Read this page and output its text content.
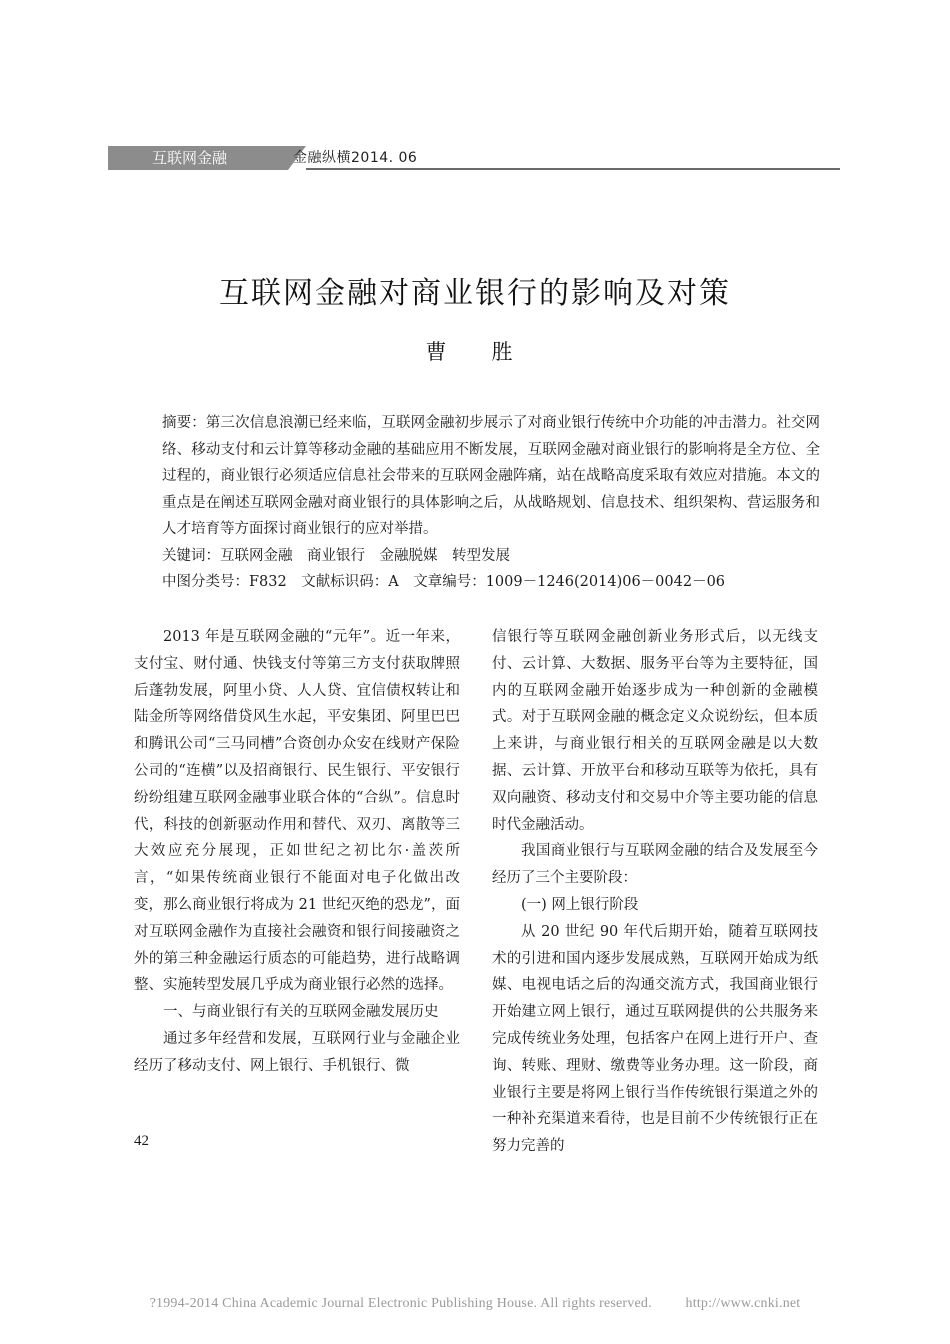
互联网金融	金融纵横2014. 06
互联网金融对商业银行的影响及对策
曹　胜

摘要：第三次信息浪潮已经来临，互联网金融初步展示了对商业银行传统中介功能的冲击潜力。社交网络、移动支付和云计算等移动金融的基础应用不断发展，互联网金融对商业银行的影响将是全方位、全过程的，商业银行必须适应信息社会带来的互联网金融阵痛，站在战略高度采取有效应对措施。本文的重点是在阐述互联网金融对商业银行的具体影响之后，从战略规划、信息技术、组织架构、营运服务和人才培育等方面探讨商业银行的应对举措。

关键词：互联网金融　商业银行　金融脱媒　转型发展

中图分类号：F832　文献标识码：A　文章编号：1009－1246(2014)06－0042－06

2013 年是互联网金融的“元年”。近一年来，支付宝、财付通、快钱支付等第三方支付获取牌照后蓬勃发展，阿里小贷、人人贷、宜信债权转让和陆金所等网络借贷风生水起，平安集团、阿里巴巴和腾讯公司“三马同槽”合资创办众安在线财产保险公司的“连横”以及招商银行、民生银行、平安银行纷纷组建互联网金融事业联合体的“合纵”。信息时代，科技的创新驱动作用和替代、双刃、离散等三大效应充分展现，正如世纪之初比尔·盖茨所言，“如果传统商业银行不能面对电子化做出改变，那么商业银行将成为 21 世纪灭绝的恐龙”，面对互联网金融作为直接社会融资和银行间接融资之外的第三种金融运行质态的可能趋势，进行战略调整、实施转型发展几乎成为商业银行必然的选择。

一、与商业银行有关的互联网金融发展历史

通过多年经营和发展，互联网行业与金融企业经历了移动支付、网上银行、手机银行、微

信银行等互联网金融创新业务形式后，以无线支付、云计算、大数据、服务平台等为主要特征，国内的互联网金融开始逐步成为一种创新的金融模式。对于互联网金融的概念定义众说纷纭，但本质上来讲，与商业银行相关的互联网金融是以大数据、云计算、开放平台和移动互联等为依托，具有双向融资、移动支付和交易中介等主要功能的信息时代金融活动。

我国商业银行与互联网金融的结合及发展至今经历了三个主要阶段：

(一) 网上银行阶段

从 20 世纪 90 年代后期开始，随着互联网技术的引进和国内逐步发展成熟，互联网开始成为纸媒、电视电话之后的沟通交流方式，我国商业银行开始建立网上银行，通过互联网提供的公共服务来完成传统业务处理，包括客户在网上进行开户、查询、转账、理财、缴费等业务办理。这一阶段，商业银行主要是将网上银行当作传统银行渠道之外的一种补充渠道来看待，也是目前不少传统银行正在努力完善的

42
?1994-2014 China Academic Journal Electronic Publishing House. All rights reserved. http://www.cnki.net
